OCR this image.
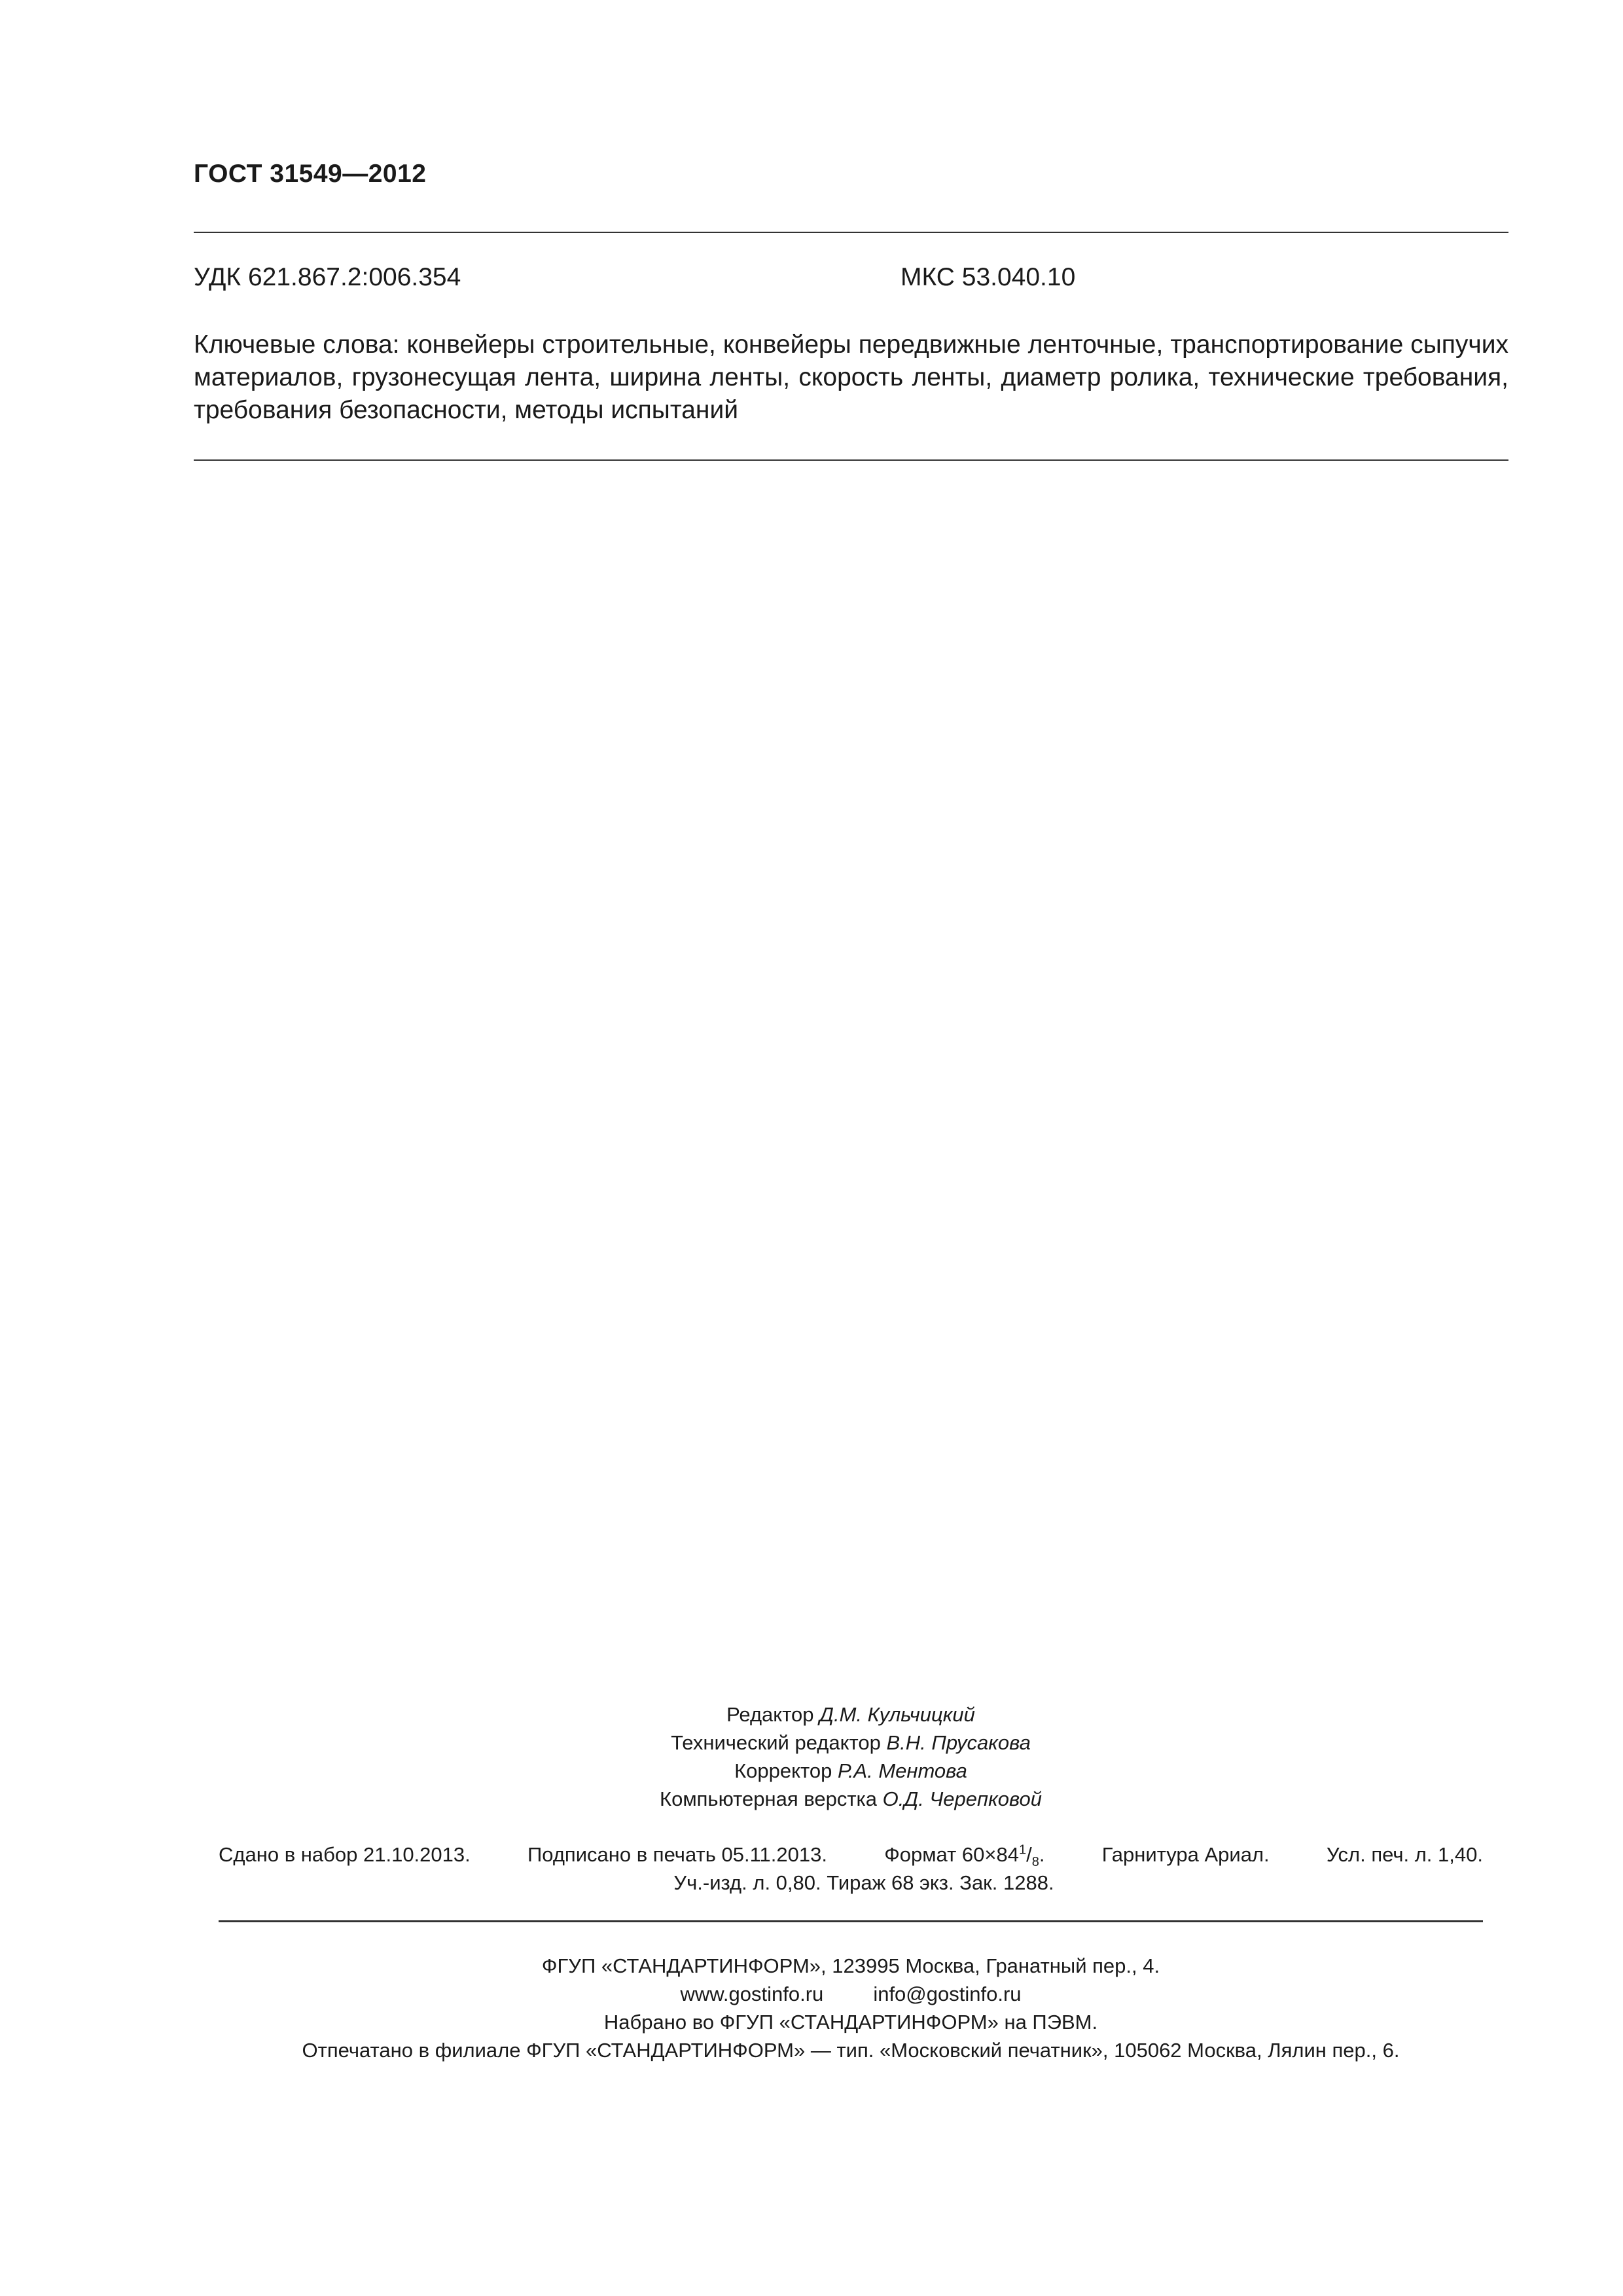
ГОСТ 31549—2012
УДК 621.867.2:006.354	МКС 53.040.10
Ключевые слова: конвейеры строительные, конвейеры передвижные ленточные, транспортирование сыпучих материалов, грузонесущая лента, ширина ленты, скорость ленты, диаметр ролика, технические требования, требования безопасности, методы испытаний
Редактор Д.М. Кульчицкий
Технический редактор В.Н. Прусакова
Корректор Р.А. Ментова
Компьютерная верстка О.Д. Черепковой
Сдано в набор 21.10.2013.	Подписано в печать 05.11.2013.	Формат $60\times 84^1/_8$.	Гарнитура Ариал.	Усл. печ. л. 1,40.
Уч.-изд. л. 0,80. Тираж 68 экз. Зак. 1288.
ФГУП «СТАНДАРТИНФОРМ», 123995 Москва, Гранатный пер., 4.
www.gostinfo.ru info@gostinfo.ru
Набрано во ФГУП «СТАНДАРТИНФОРМ» на ПЭВМ.
Отпечатано в филиале ФГУП «СТАНДАРТИНФОРМ» — тип. «Московский печатник», 105062 Москва, Лялин пер., 6.
